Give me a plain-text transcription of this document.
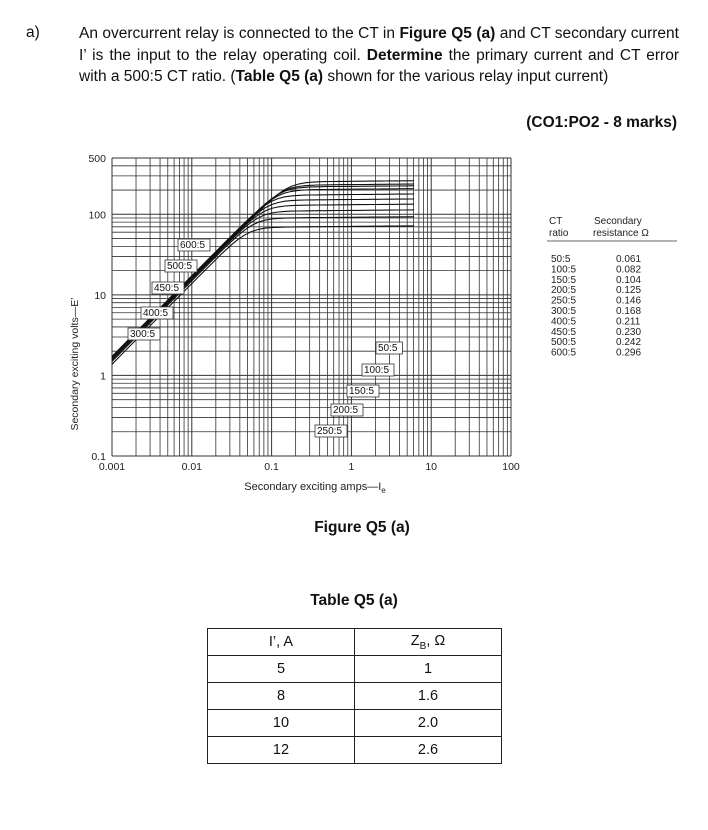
a)	An overcurrent relay is connected to the CT in Figure Q5 (a) and CT secondary current I’ is the input to the relay operating coil. Determine the primary current and CT error with a 500:5 CT ratio. (Table Q5 (a) shown for the various relay input current)
(CO1:PO2 - 8 marks)
500
100
10
1
0.1
0.001	0.01	0.1	1	10	100
600:5
500:5
450:5
400:5
300:5
50:5
100:5
150:5
200:5
250:5
Secondary exciting volts—E’
Secondary exciting $amps—I_e$
CT
ratio
Secondary
resistance Ω
50:5	0.061
100:5	0.082
150:5	0.104
200:5	0.125
250:5	0.146
300:5	0.168
400:5	0.211
450:5	0.230
500:5	0.242
600:5	0.296
Figure Q5 (a)
Table Q5 (a)
I’, A	$Z_B$, Ω
5	1
8	1.6
10	2.0
12	2.6
